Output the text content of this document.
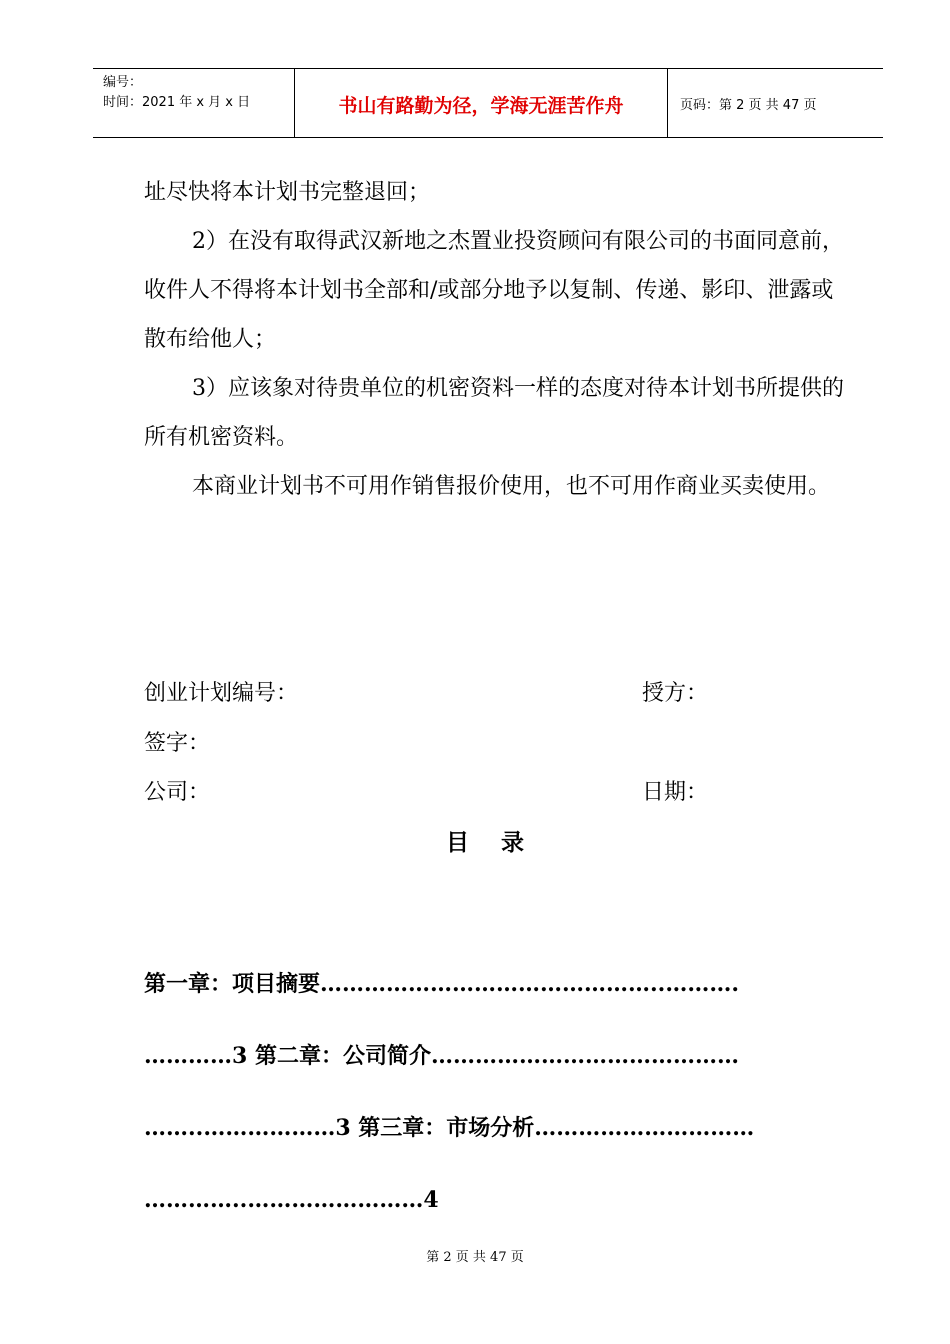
编号：
时间：2021 年 x 月 x 日	书山有路勤为径，学海无涯苦作舟	页码：第 2 页 共 47 页

址尽快将本计划书完整退回；

2）在没有取得武汉新地之杰置业投资顾问有限公司的书面同意前，收件人不得将本计划书全部和/或部分地予以复制、传递、影印、泄露或散布给他人；

3）应该象对待贵单位的机密资料一样的态度对待本计划书所提供的所有机密资料。

本商业计划书不可用作销售报价使用，也不可用作商业买卖使用。

创业计划编号：	授方：
签字：
公司：	日期：
目    录
第一章：项目摘要………………………………………..……….
…………3 第二章：公司简介……………………………………
……..………………3 第三章：市场分析…………………………
…………..……………………4
第 2 页 共 47 页
